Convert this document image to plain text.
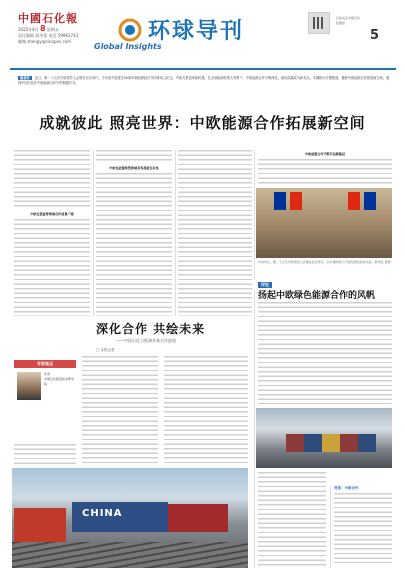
中國石化報
2025年8月 8 星期五
责任编辑 蒋芙蓉 电话 59963743
邮箱 zhengy@sinopec.com	环球导刊
Global Insights
扫码关注中国石化报微信
5
编者按 近日，第二十五次中欧领导人会晤在北京举行。今年是中欧建交50周年和欧洲经济共同体成立纪念，中欧关系迎来新机遇。在全球能源转型大背景下，中欧能源合作不断深化，绿色低碳成为新亮点。本期推出专题报道，聚焦中欧能源合作拓展新空间，展现中国石化在中欧能源合作中的积极作为。
成就彼此 照亮世界：中欧能源合作拓展新空间
中欧在氢能等领域合作前景广阔
中欧在能源转型领域具有高度互补性
中欧能源合作不断开拓新路径
7月24日，第二十五次中欧领导人会晤在北京举行。双方重申致力于深化绿色伙伴关系。新华社 供图
评论
扬起中欧绿色能源合作的风帆
深化合作 共绘未来
——中国石化与欧洲业务合作进展
□ 本报记者
专家视点
作者
中国石化经济技术研究院
CHINA
背景：中欧合作
